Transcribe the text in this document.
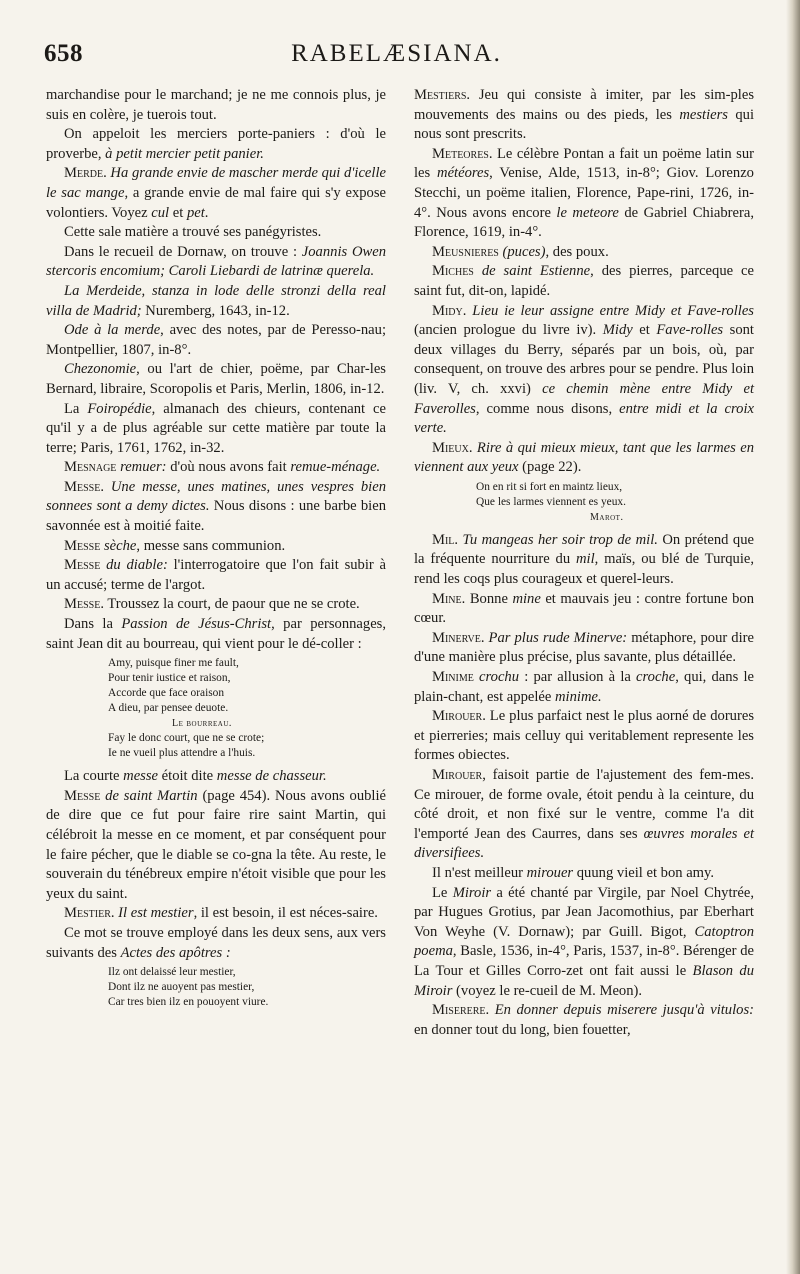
658	RABELÆSIANA.

marchandise pour le marchand; je ne me connois plus, je suis en colère, je tuerois tout.

On appeloit les merciers porte-paniers : d'où le proverbe, à petit mercier petit panier.

Merde. Ha grande envie de mascher merde qui d'icelle le sac mange, a grande envie de mal faire qui s'y expose volontiers. Voyez cul et pet.

Cette sale matière a trouvé ses panégyristes.

Dans le recueil de Dornaw, on trouve : Joannis Owen stercoris encomium; Caroli Liebardi de latrinæ querela.

La Merdeide, stanza in lode delle stronzi della real villa de Madrid; Nuremberg, 1643, in-12.

Ode à la merde, avec des notes, par de Peresso-nau; Montpellier, 1807, in-8°.

Chezonomie, ou l'art de chier, poëme, par Char-les Bernard, libraire, Scoropolis et Paris, Merlin, 1806, in-12.

La Foiropédie, almanach des chieurs, contenant ce qu'il y a de plus agréable sur cette matière par toute la terre; Paris, 1761, 1762, in-32.

Mesnage remuer: d'où nous avons fait remue-ménage.

Messe. Une messe, unes matines, unes vespres bien sonnees sont a demy dictes. Nous disons : une barbe bien savonnée est à moitié faite.

Messe sèche, messe sans communion.

Messe du diable: l'interrogatoire que l'on fait subir à un accusé; terme de l'argot.

Messe. Troussez la court, de paour que ne se crote.

Dans la Passion de Jésus-Christ, par personnages, saint Jean dit au bourreau, qui vient pour le dé-coller :

Amy, puisque finer me fault,
Pour tenir iustice et raison,
Accorde que face oraison
A dieu, par pensee deuote.
Le bourreau.
Fay le donc court, que ne se crote;
Ie ne vueil plus attendre a l'huis.

La courte messe étoit dite messe de chasseur.

Messe de saint Martin (page 454). Nous avons oublié de dire que ce fut pour faire rire saint Martin, qui célébroit la messe en ce moment, et par conséquent pour le faire pécher, que le diable se co-gna la tête. Au reste, le souverain du ténébreux empire n'étoit visible que pour les yeux du saint.

Mestier. Il est mestier, il est besoin, il est néces-saire.

Ce mot se trouve employé dans les deux sens, aux vers suivants des Actes des apôtres :

Ilz ont delaissé leur mestier,
Dont ilz ne auoyent pas mestier,
Car tres bien ilz en pouoyent viure.

Mestiers. Jeu qui consiste à imiter, par les sim-ples mouvements des mains ou des pieds, les mestiers qui nous sont prescrits.

Meteores. Le célèbre Pontan a fait un poëme latin sur les météores, Venise, Alde, 1513, in-8°; Giov. Lorenzo Stecchi, un poëme italien, Florence, Pape-rini, 1726, in-4°. Nous avons encore le meteore de Gabriel Chiabrera, Florence, 1619, in-4°.

Meusnieres (puces), des poux.

Miches de saint Estienne, des pierres, parceque ce saint fut, dit-on, lapidé.

Midy. Lieu ie leur assigne entre Midy et Fave-rolles (ancien prologue du livre iv). Midy et Fave-rolles sont deux villages du Berry, séparés par un bois, où, par consequent, on trouve des arbres pour se pendre. Plus loin (liv. V, ch. xxvi) ce chemin mène entre Midy et Faverolles, comme nous disons, entre midi et la croix verte.

Mieux. Rire à qui mieux mieux, tant que les larmes en viennent aux yeux (page 22).

On en rit si fort en maintz lieux,
Que les larmes viennent es yeux.
Marot.

Mil. Tu mangeas her soir trop de mil. On prétend que la fréquente nourriture du mil, maïs, ou blé de Turquie, rend les coqs plus courageux et querel-leurs.

Mine. Bonne mine et mauvais jeu : contre fortune bon cœur.

Minerve. Par plus rude Minerve: métaphore, pour dire d'une manière plus précise, plus savante, plus détaillée.

Minime crochu : par allusion à la croche, qui, dans le plain-chant, est appelée minime.

Mirouer. Le plus parfaict nest le plus aorné de dorures et pierreries; mais celluy qui veritablement represente les formes obiectes.

Mirouer, faisoit partie de l'ajustement des fem-mes. Ce mirouer, de forme ovale, étoit pendu à la ceinture, du côté droit, et non fixé sur le ventre, comme l'a dit l'emporté Jean des Caurres, dans ses œuvres morales et diversifiees.

Il n'est meilleur mirouer quung vieil et bon amy.

Le Miroir a été chanté par Virgile, par Noel Chytrée, par Hugues Grotius, par Jean Jacomothius, par Eberhart Von Weyhe (V. Dornaw); par Guill. Bigot, Catoptron poema, Basle, 1536, in-4°, Paris, 1537, in-8°. Bérenger de La Tour et Gilles Corro-zet ont fait aussi le Blason du Miroir (voyez le re-cueil de M. Meon).

Miserere. En donner depuis miserere jusqu'à vitulos: en donner tout du long, bien fouetter,
